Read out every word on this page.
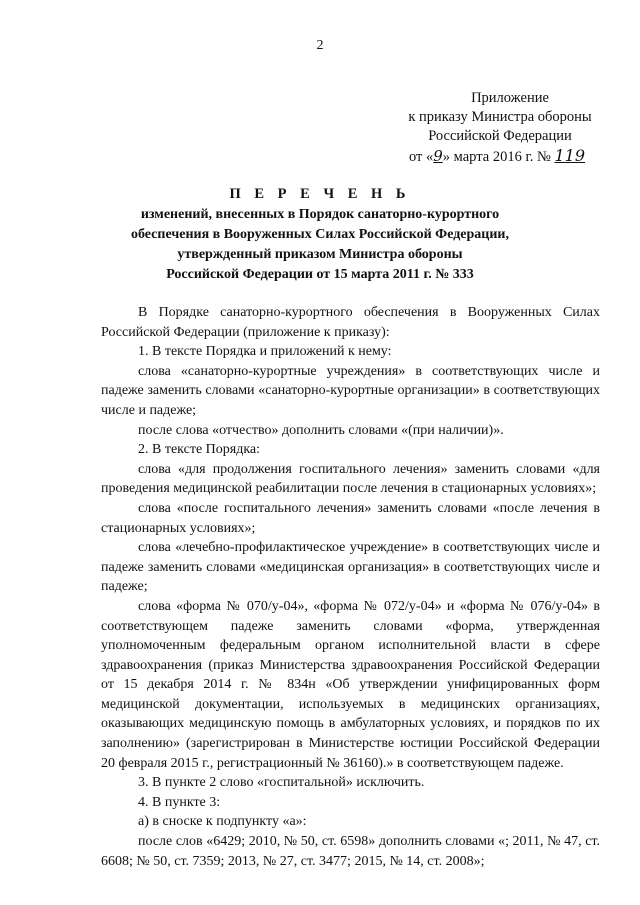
2
Приложение
к приказу Министра обороны
Российской Федерации
от «9» марта 2016 г. № 119
П Е Р Е Ч Е Н Ь
изменений, внесенных в Порядок санаторно-курортного
обеспечения в Вооруженных Силах Российской Федерации,
утвержденный приказом Министра обороны
Российской Федерации от 15 марта 2011 г. № 333

В Порядке санаторно-курортного обеспечения в Вооруженных Силах Российской Федерации (приложение к приказу):

1. В тексте Порядка и приложений к нему:

слова «санаторно-курортные учреждения» в соответствующих числе и падеже заменить словами «санаторно-курортные организации» в соответствующих числе и падеже;

после слова «отчество» дополнить словами «(при наличии)».

2. В тексте Порядка:

слова «для продолжения госпитального лечения» заменить словами «для проведения медицинской реабилитации после лечения в стационарных условиях»;

слова «после госпитального лечения» заменить словами «после лечения в стационарных условиях»;

слова «лечебно-профилактическое учреждение» в соответствующих числе и падеже заменить словами «медицинская организация» в соответствующих числе и падеже;

слова «форма № 070/у-04», «форма № 072/у-04» и «форма № 076/у-04» в соответствующем падеже заменить словами «форма, утвержденная уполномоченным федеральным органом исполнительной власти в сфере здравоохранения (приказ Министерства здравоохранения Российской Федерации от 15 декабря 2014 г. № 834н «Об утверждении унифицированных форм медицинской документации, используемых в медицинских организациях, оказывающих медицинскую помощь в амбулаторных условиях, и порядков по их заполнению» (зарегистрирован в Министерстве юстиции Российской Федерации 20 февраля 2015 г., регистрационный № 36160).» в соответствующем падеже.

3. В пункте 2 слово «госпитальной» исключить.

4. В пункте 3:

а) в сноске к подпункту «а»:

после слов «6429; 2010, № 50, ст. 6598» дополнить словами «; 2011, № 47, ст. 6608; № 50, ст. 7359; 2013, № 27, ст. 3477; 2015, № 14, ст. 2008»;
